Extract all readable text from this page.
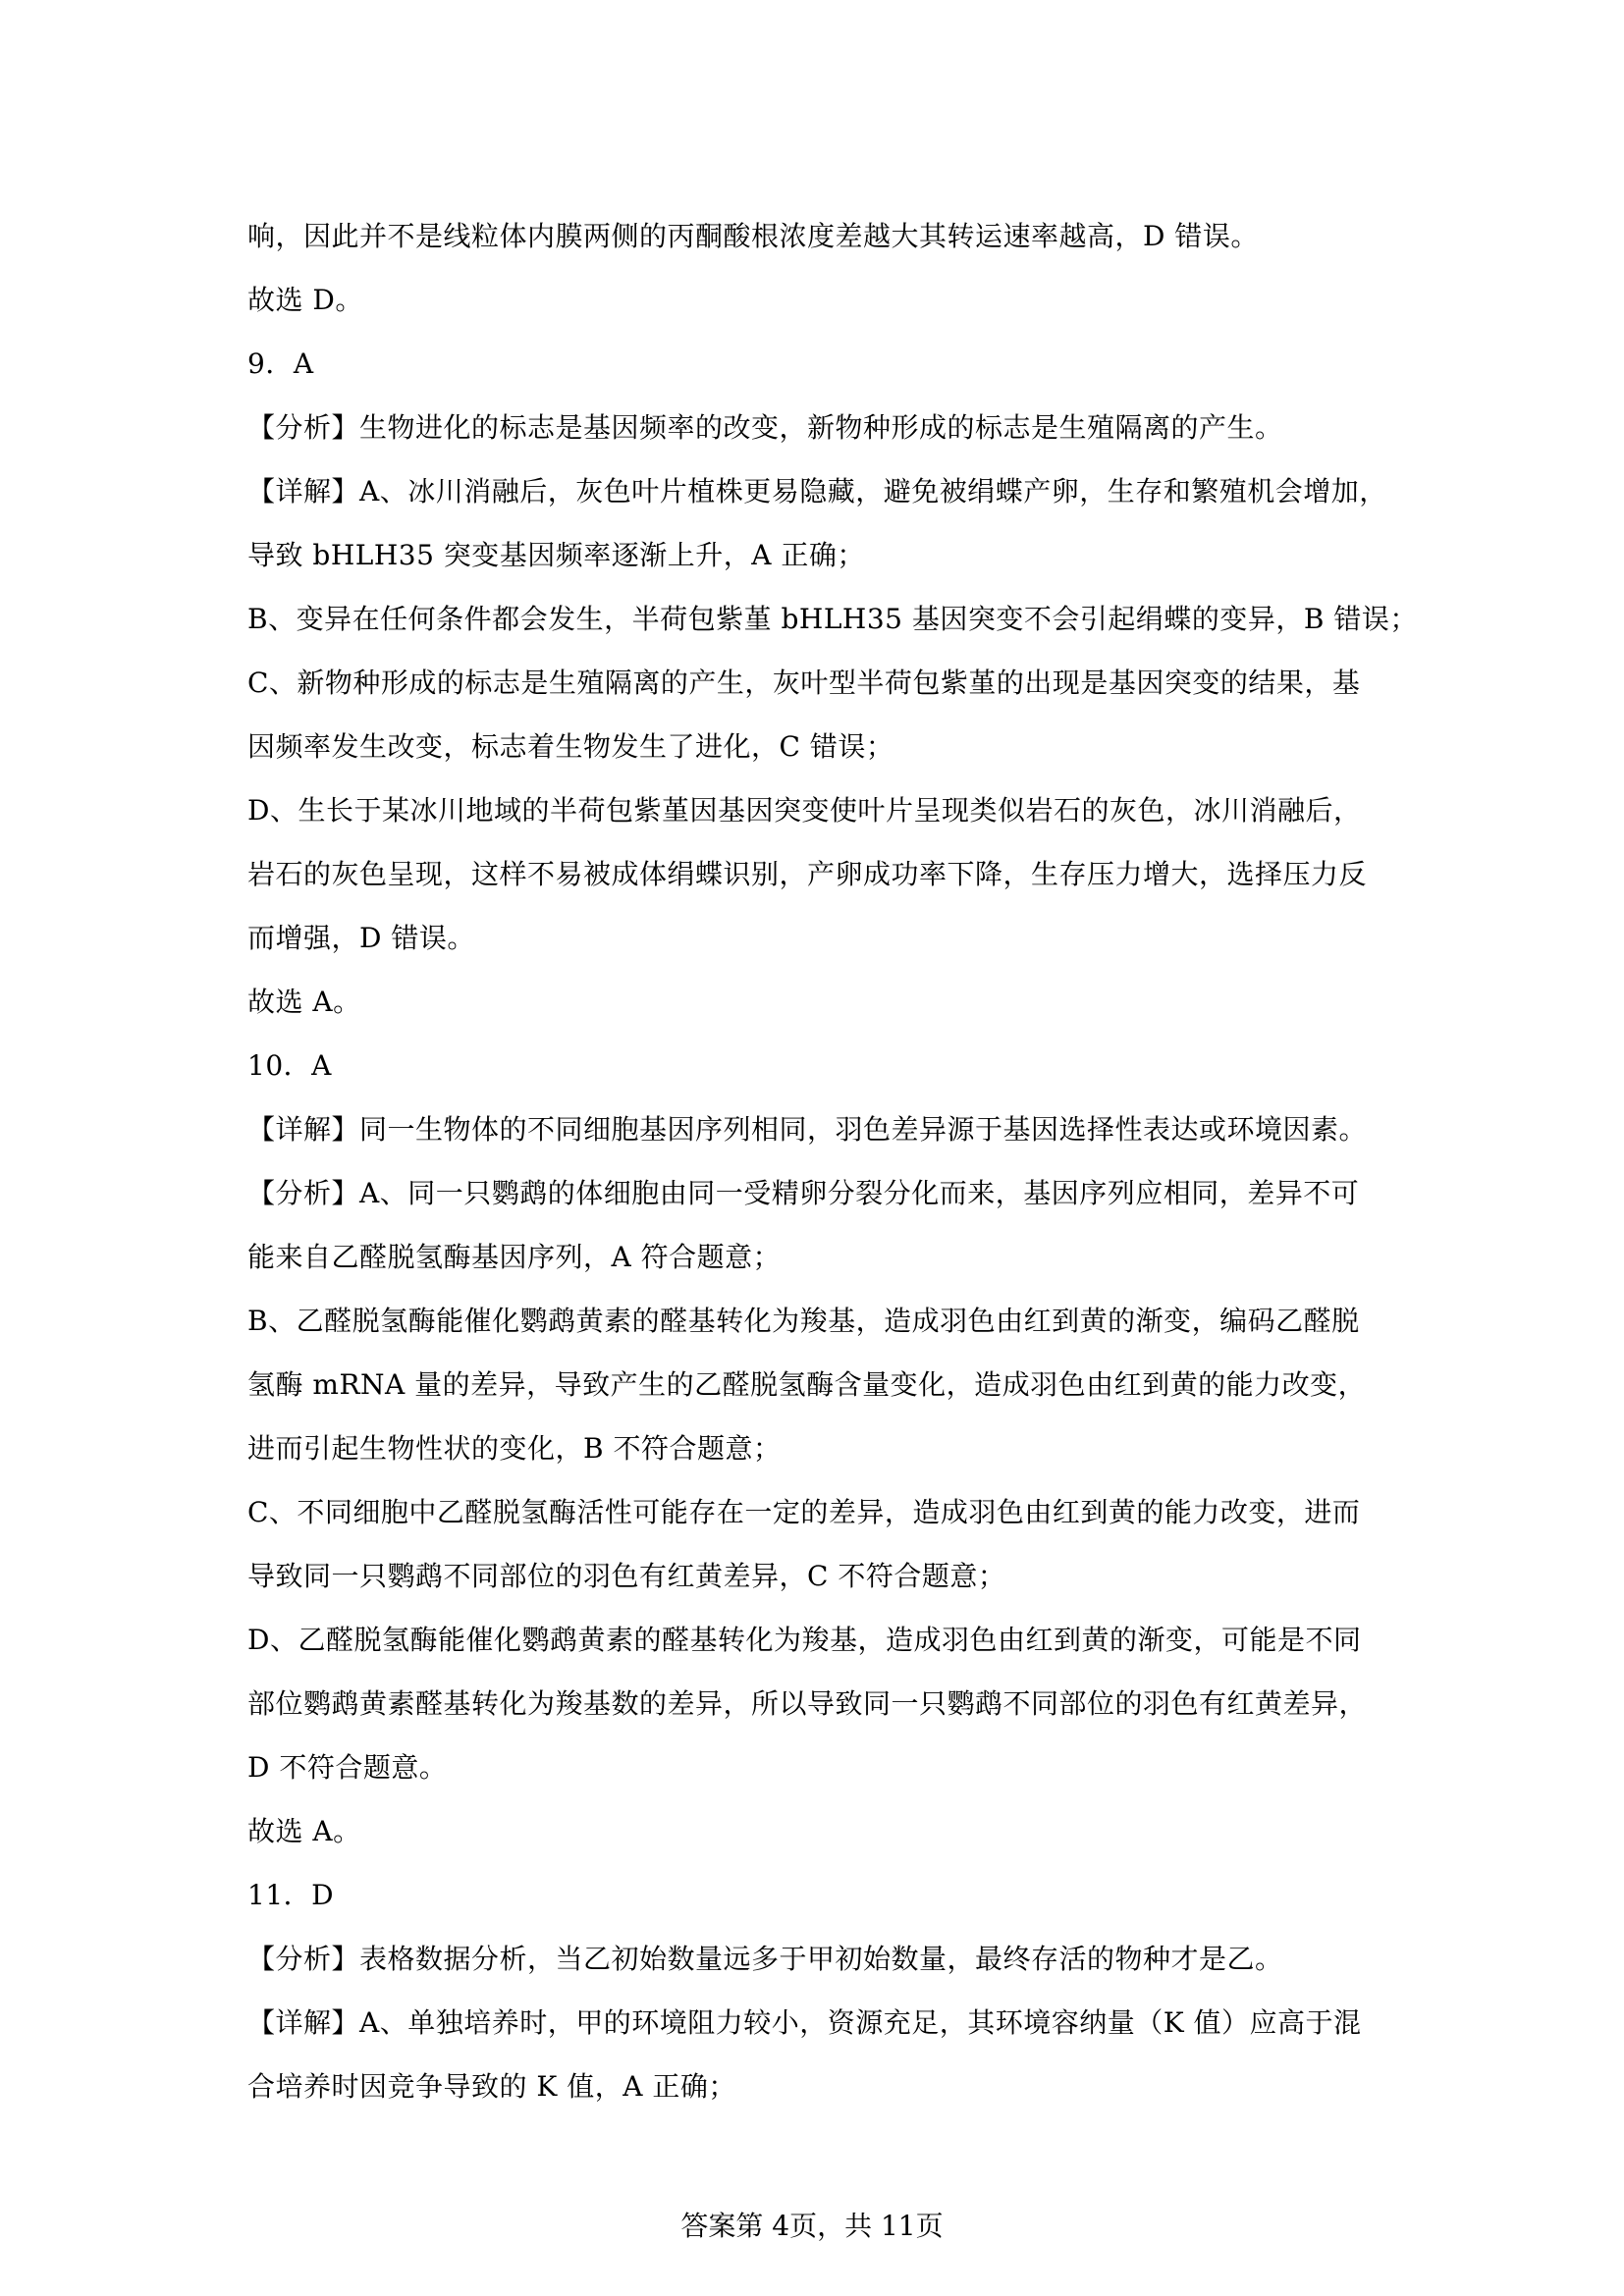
响，因此并不是线粒体内膜两侧的丙酮酸根浓度差越大其转运速率越高，D 错误。
故选 D。
9．A
【分析】生物进化的标志是基因频率的改变，新物种形成的标志是生殖隔离的产生。
【详解】A、冰川消融后，灰色叶片植株更易隐藏，避免被绢蝶产卵，生存和繁殖机会增加，
导致 bHLH35 突变基因频率逐渐上升，A 正确；
B、变异在任何条件都会发生，半荷包紫堇 bHLH35 基因突变不会引起绢蝶的变异，B 错误；
C、新物种形成的标志是生殖隔离的产生，灰叶型半荷包紫堇的出现是基因突变的结果，基
因频率发生改变，标志着生物发生了进化，C 错误；
D、生长于某冰川地域的半荷包紫堇因基因突变使叶片呈现类似岩石的灰色，冰川消融后，
岩石的灰色呈现，这样不易被成体绢蝶识别，产卵成功率下降，生存压力增大，选择压力反
而增强，D 错误。
故选 A。
10．A
【详解】同一生物体的不同细胞基因序列相同，羽色差异源于基因选择性表达或环境因素。
【分析】A、同一只鹦鹉的体细胞由同一受精卵分裂分化而来，基因序列应相同，差异不可
能来自乙醛脱氢酶基因序列，A 符合题意；
B、乙醛脱氢酶能催化鹦鹉黄素的醛基转化为羧基，造成羽色由红到黄的渐变，编码乙醛脱
氢酶 mRNA 量的差异，导致产生的乙醛脱氢酶含量变化，造成羽色由红到黄的能力改变，
进而引起生物性状的变化，B 不符合题意；
C、不同细胞中乙醛脱氢酶活性可能存在一定的差异，造成羽色由红到黄的能力改变，进而
导致同一只鹦鹉不同部位的羽色有红黄差异，C 不符合题意；
D、乙醛脱氢酶能催化鹦鹉黄素的醛基转化为羧基，造成羽色由红到黄的渐变，可能是不同
部位鹦鹉黄素醛基转化为羧基数的差异，所以导致同一只鹦鹉不同部位的羽色有红黄差异，
D 不符合题意。
故选 A。
11．D
【分析】表格数据分析，当乙初始数量远多于甲初始数量，最终存活的物种才是乙。
【详解】A、单独培养时，甲的环境阻力较小，资源充足，其环境容纳量（K 值）应高于混
合培养时因竞争导致的 K 值，A 正确；
答案第 4页，共 11页
